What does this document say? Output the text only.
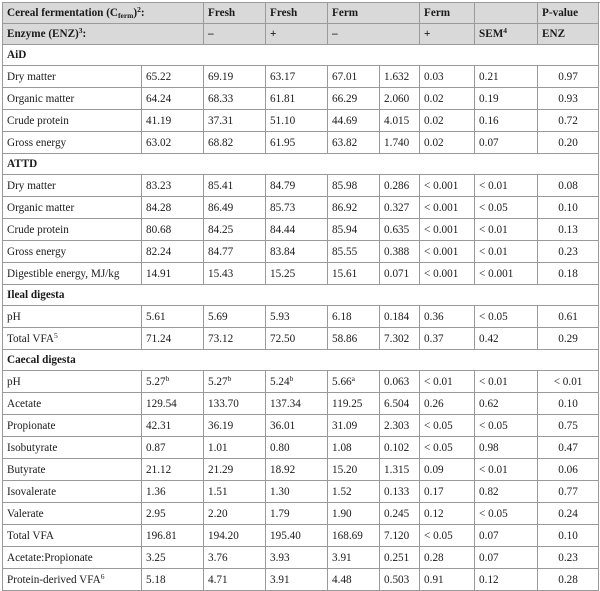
Cereal fermentation $(C_{ferm})^2$:		Fresh	Fresh	Ferm		Ferm		P-value	
Enzyme (ENZ)$^3$:		–	+	–		+	$SEM^4$	ENZ		
AiD									
Dry matter	65.22	69.19	63.17	67.01	1.632	0.03	0.21	0.97	
Organic matter	64.24	68.33	61.81	66.29	2.060	0.02	0.19	0.93	
Crude protein	41.19	37.31	51.10	44.69	4.015	0.02	0.16	0.72	
Gross energy	63.02	68.82	61.95	63.82	1.740	0.02	0.07	0.20	
ATTD									
Dry matter	83.23	85.41	84.79	85.98	0.286	< 0.001	< 0.01	0.08	
Organic matter	84.28	86.49	85.73	86.92	0.327	< 0.001	< 0.05	0.10	
Crude protein	80.68	84.25	84.44	85.94	0.635	< 0.001	< 0.01	0.13	
Gross energy	82.24	84.77	83.84	85.55	0.388	< 0.001	< 0.01	0.23	
Digestible energy, MJ/kg	14.91	15.43	15.25	15.61	0.071	< 0.001	< 0.001	0.18	
Ileal digesta									
pH	5.61	5.69	5.93	6.18	0.184	0.36	< 0.05	0.61	
Total VFA$^5$	71.24	73.12	72.50	58.86	7.302	0.37	0.42	0.29	
Caecal digesta									
pH	5.27$^b$	5.27$^b$	5.24$^b$	5.66$^a$	0.063	< 0.01	< 0.01	< 0.01	
Acetate	129.54	133.70	137.34	119.25	6.504	0.26	0.62	0.10	
Propionate	42.31	36.19	36.01	31.09	2.303	< 0.05	< 0.05	0.75	
Isobutyrate	0.87	1.01	0.80	1.08	0.102	< 0.05	0.98	0.47	
Butyrate	21.12	21.29	18.92	15.20	1.315	0.09	< 0.01	0.06	
Isovalerate	1.36	1.51	1.30	1.52	0.133	0.17	0.82	0.77	
Valerate	2.95	2.20	1.79	1.90	0.245	0.12	< 0.05	0.24	
Total VFA	196.81	194.20	195.40	168.69	7.120	< 0.05	0.07	0.10	
Acetate:Propionate	3.25	3.76	3.93	3.91	0.251	0.28	0.07	0.23	
Protein-derived VFA$^6$	5.18	4.71	3.91	4.48	0.503	0.91	0.12	0.28	
